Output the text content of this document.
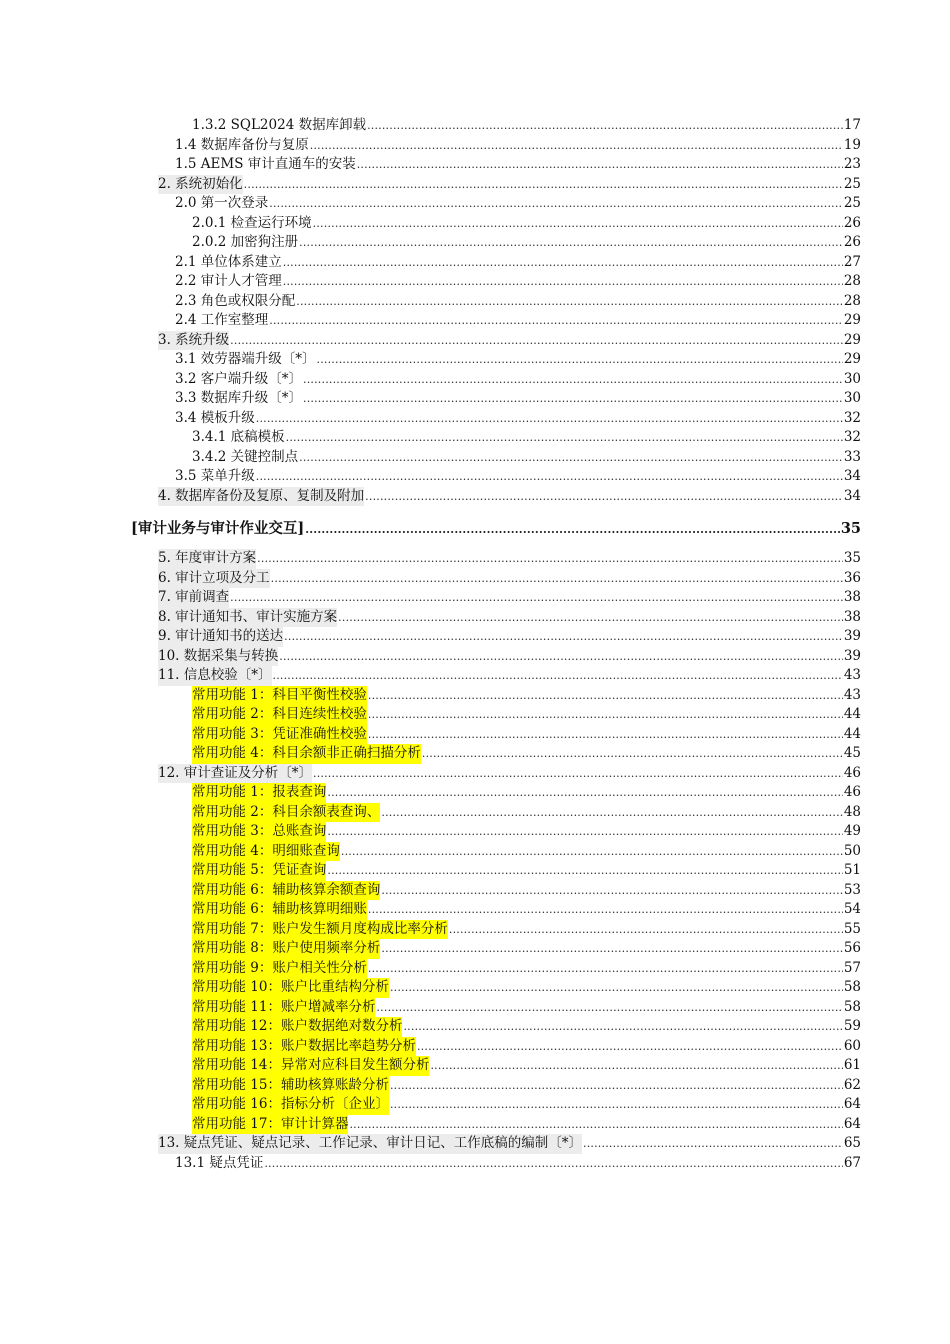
1.3.2 SQL2024 数据库卸载 .....	17
1.4 数据库备份与复原 .....	19
1.5 AEMS 审计直通车的安装 .....	23
2. 系统初始化 .....	25
2.0 第一次登录 .....	25
2.0.1 检查运行环境 .....	26
2.0.2 加密狗注册 .....	26
2.1 单位体系建立 .....	27
2.2 审计人才管理 .....	28
2.3 角色或权限分配 .....	28
2.4 工作室整理 .....	29
3. 系统升级 .....	29
3.1 效劳器端升级〔*〕 .....	29
3.2 客户端升级〔*〕 .....	30
3.3 数据库升级〔*〕 .....	30
3.4 模板升级 .....	32
3.4.1 底稿模板 .....	32
3.4.2 关键控制点 .....	33
3.5 菜单升级 .....	34
4. 数据库备份及复原、复制及附加 .....	34
[审计业务与审计作业交互] .....	35
5. 年度审计方案 .....	35
6. 审计立项及分工 .....	36
7. 审前调查 .....	38
8. 审计通知书、审计实施方案 .....	38
9. 审计通知书的送达 .....	39
10. 数据采集与转换 .....	39
11. 信息校验〔*〕 .....	43
常用功能 1：科目平衡性校验 .....	43
常用功能 2：科目连续性校验 .....	44
常用功能 3：凭证准确性校验 .....	44
常用功能 4：科目余额非正确扫描分析 .....	45
12. 审计查证及分析〔*〕 .....	46
常用功能 1：报表查询 .....	46
常用功能 2：科目余额表查询、 .....	48
常用功能 3：总账查询 .....	49
常用功能 4：明细账查询 .....	50
常用功能 5：凭证查询 .....	51
常用功能 6：辅助核算余额查询 .....	53
常用功能 6：辅助核算明细账 .....	54
常用功能 7：账户发生额月度构成比率分析 .....	55
常用功能 8：账户使用频率分析 .....	56
常用功能 9：账户相关性分析 .....	57
常用功能 10：账户比重结构分析 .....	58
常用功能 11：账户增减率分析 .....	58
常用功能 12：账户数据绝对数分析 .....	59
常用功能 13：账户数据比率趋势分析 .....	60
常用功能 14：异常对应科目发生额分析 .....	61
常用功能 15：辅助核算账龄分析 .....	62
常用功能 16：指标分析〔企业〕 .....	64
常用功能 17：审计计算器 .....	64
13. 疑点凭证、疑点记录、工作记录、审计日记、工作底稿的编制〔*〕 .....	65
13.1 疑点凭证 .....	67
